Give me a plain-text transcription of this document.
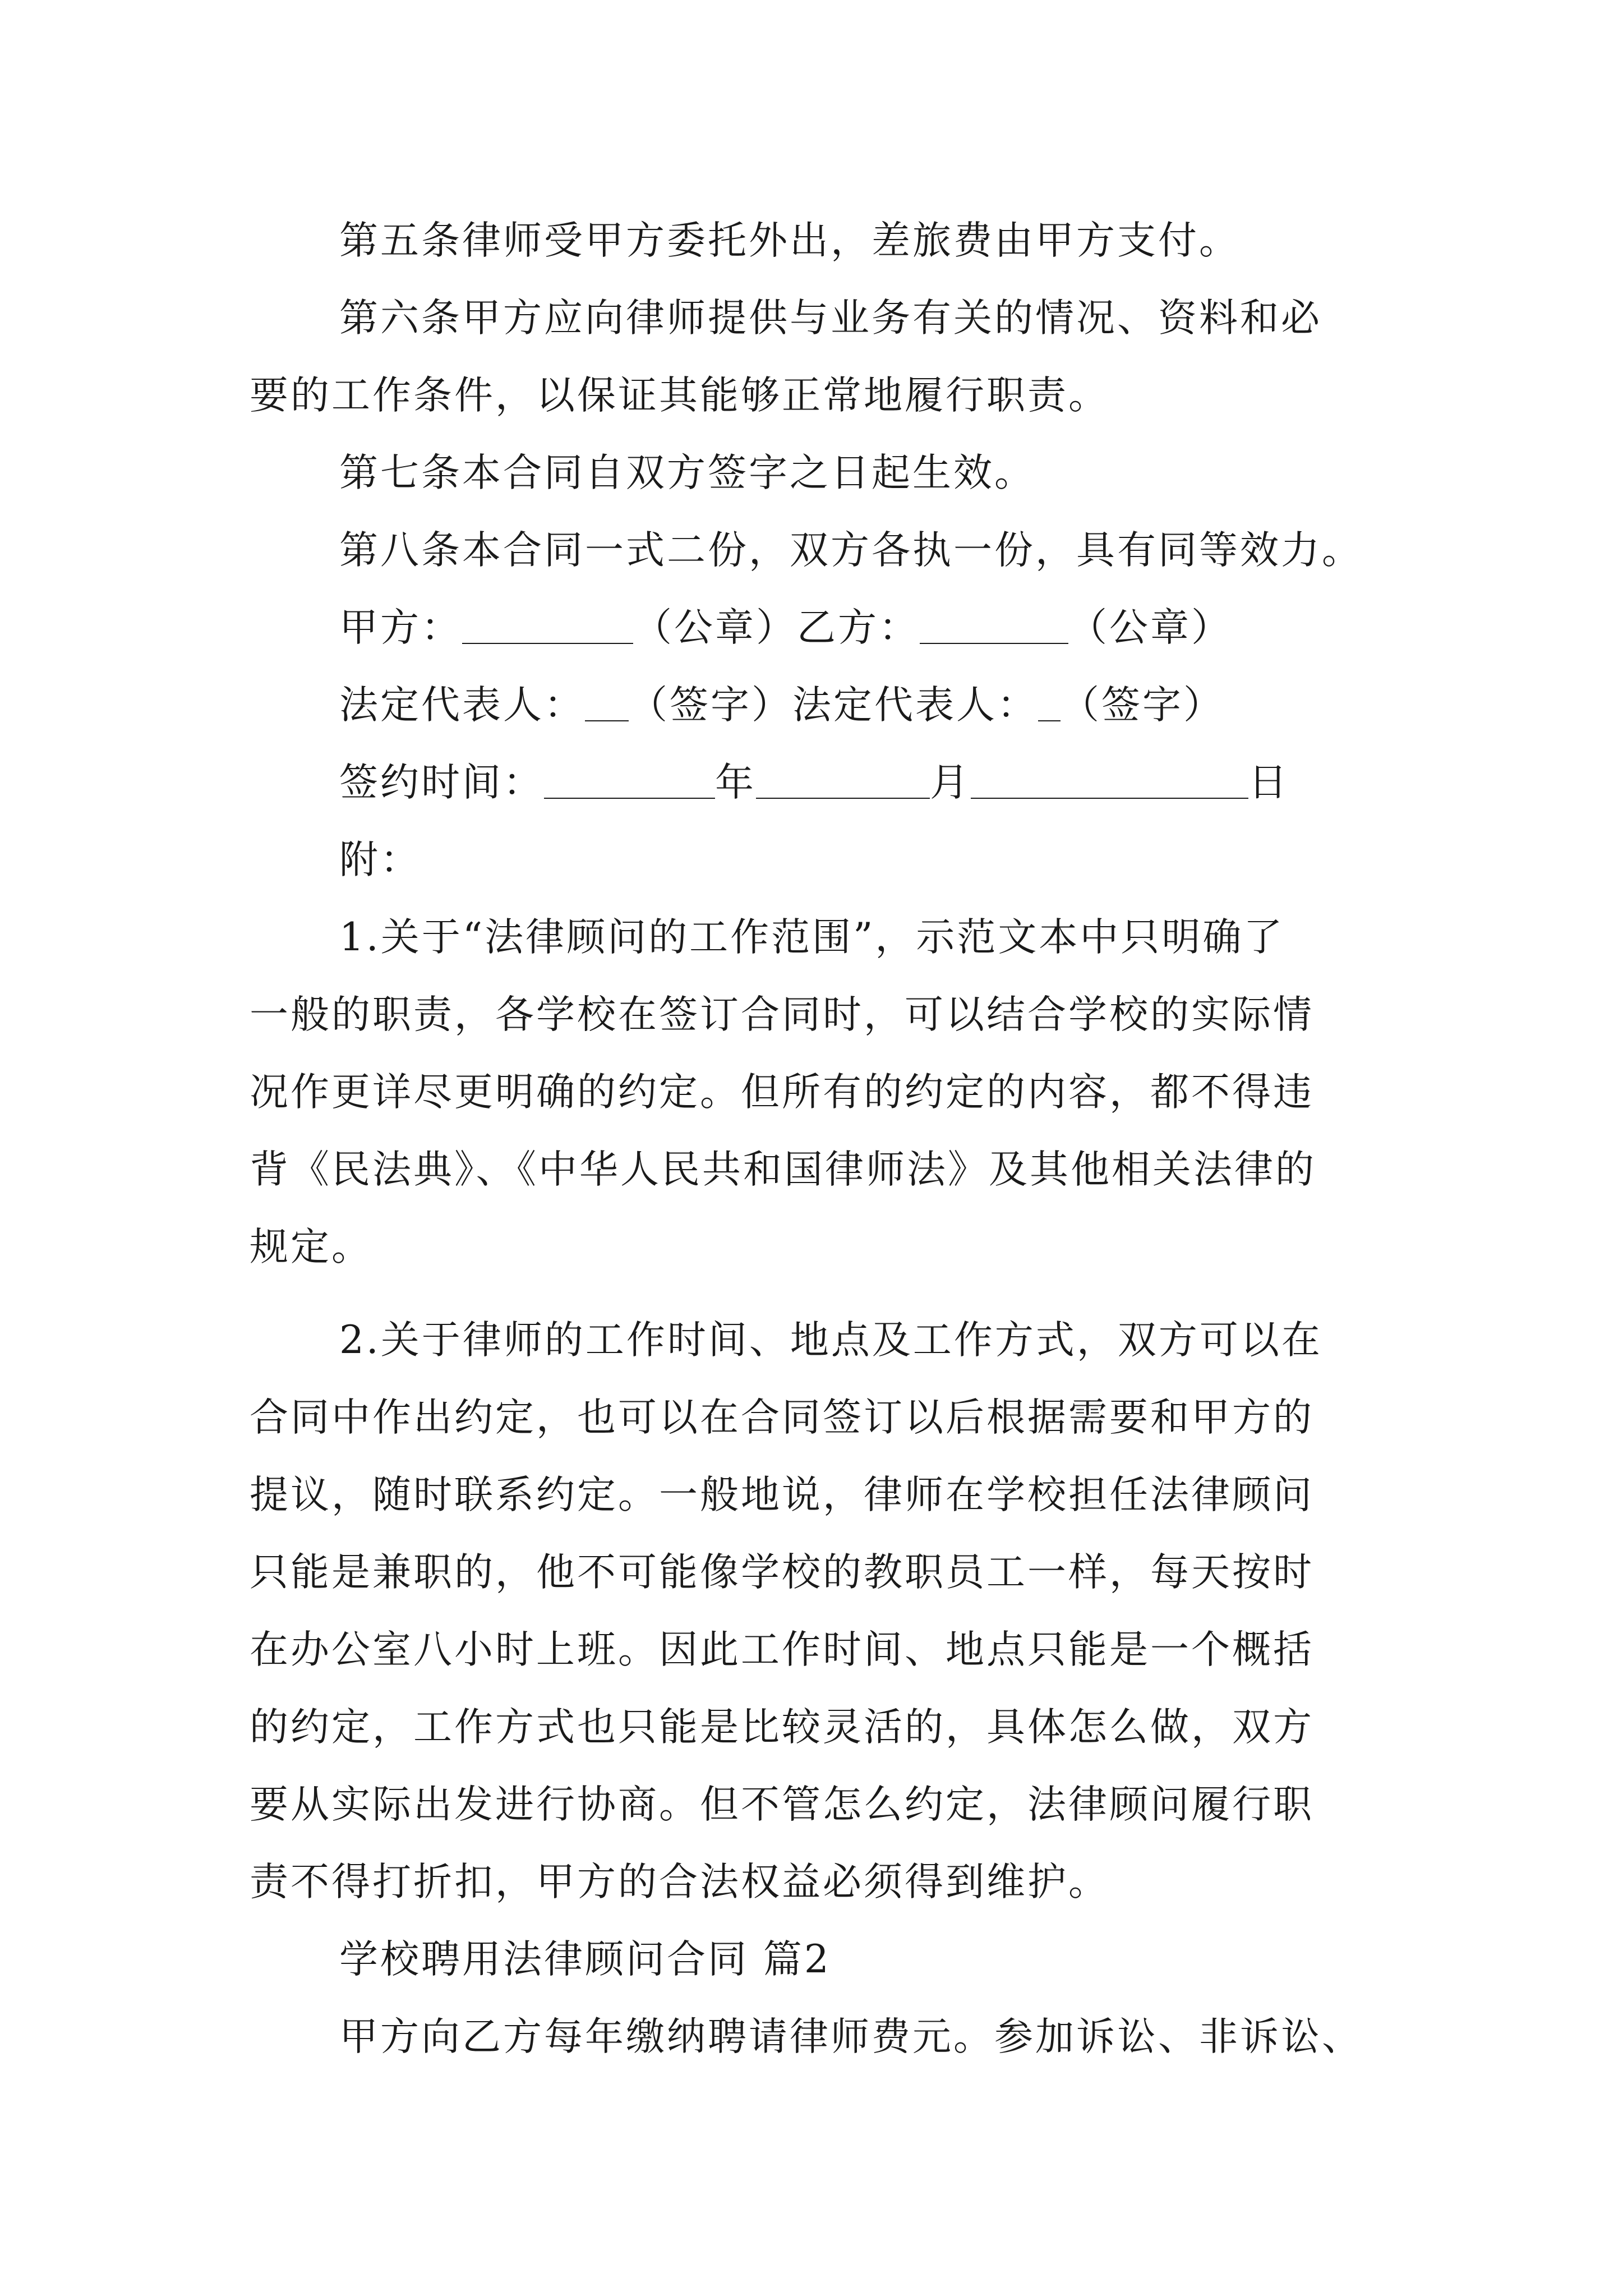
第五条律师受甲方委托外出，差旅费由甲方支付。
第六条甲方应向律师提供与业务有关的情况、资料和必
要的工作条件，以保证其能够正常地履行职责。
第七条本合同自双方签字之日起生效。
第八条本合同一式二份，双方各执一份，具有同等效力。
甲方：	（公章）乙方：	（公章）
法定代表人： （签字）法定代表人： （签字）
签约时间：	年	月	日
附：
1.关于“法律顾问的工作范围”，示范文本中只明确了
一般的职责，各学校在签订合同时，可以结合学校的实际情
况作更详尽更明确的约定。但所有的约定的内容，都不得违
背《民法典》、《中华人民共和国律师法》及其他相关法律的
规定。
2.关于律师的工作时间、地点及工作方式，双方可以在
合同中作出约定，也可以在合同签订以后根据需要和甲方的
提议，随时联系约定。一般地说，律师在学校担任法律顾问
只能是兼职的，他不可能像学校的教职员工一样，每天按时
在办公室八小时上班。因此工作时间、地点只能是一个概括
的约定，工作方式也只能是比较灵活的，具体怎么做，双方
要从实际出发进行协商。但不管怎么约定，法律顾问履行职
责不得打折扣，甲方的合法权益必须得到维护。
学校聘用法律顾问合同 篇2
甲方向乙方每年缴纳聘请律师费元。参加诉讼、非诉讼、
